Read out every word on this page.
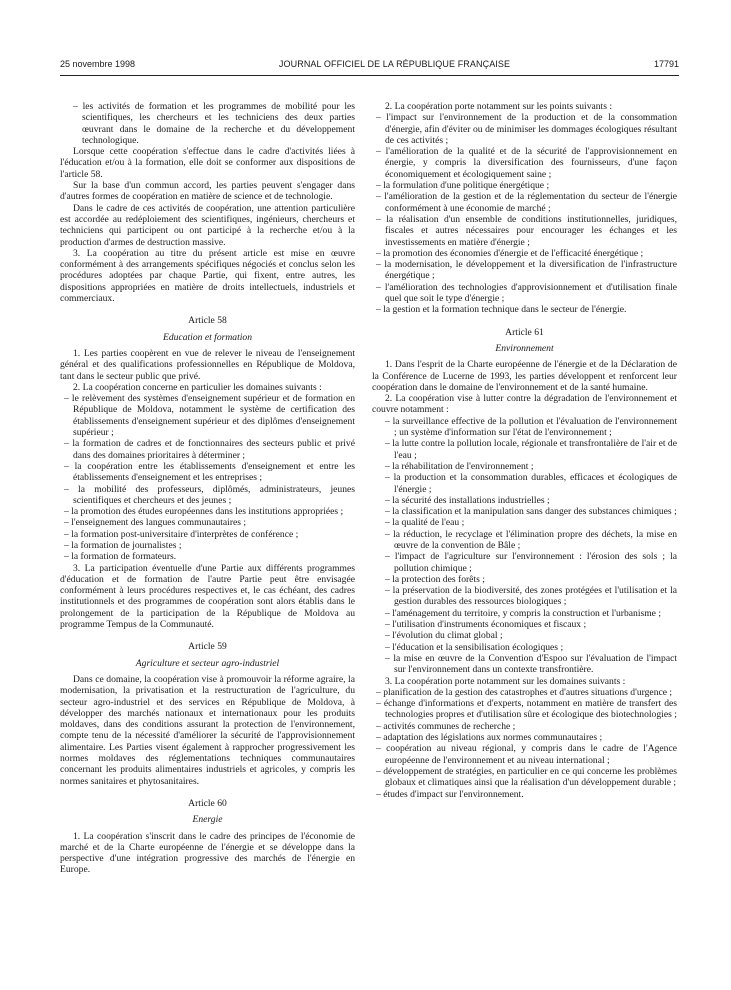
25 novembre 1998	JOURNAL OFFICIEL DE LA RÉPUBLIQUE FRANÇAISE	17791

– les activités de formation et les programmes de mobilité pour les scientifiques, les chercheurs et les techniciens des deux parties œuvrant dans le domaine de la recherche et du développement technologique.

Lorsque cette coopération s'effectue dans le cadre d'activités liées à l'éducation et/ou à la formation, elle doit se conformer aux dispositions de l'article 58.

Sur la base d'un commun accord, les parties peuvent s'engager dans d'autres formes de coopération en matière de science et de technologie.

Dans le cadre de ces activités de coopération, une attention particulière est accordée au redéploiement des scientifiques, ingénieurs, chercheurs et techniciens qui participent ou ont participé à la recherche et/ou à la production d'armes de destruction massive.

3. La coopération au titre du présent article est mise en œuvre conformément à des arrangements spécifiques négociés et conclus selon les procédures adoptées par chaque Partie, qui fixent, entre autres, les dispositions appropriées en matière de droits intellectuels, industriels et commerciaux.

Article 58

Education et formation

1. Les parties coopèrent en vue de relever le niveau de l'enseignement général et des qualifications professionnelles en République de Moldova, tant dans le secteur public que privé.

2. La coopération concerne en particulier les domaines suivants :

– le relèvement des systèmes d'enseignement supérieur et de formation en République de Moldova, notamment le système de certification des établissements d'enseignement supérieur et des diplômes d'enseignement supérieur ;

– la formation de cadres et de fonctionnaires des secteurs public et privé dans des domaines prioritaires à déterminer ;

– la coopération entre les établissements d'enseignement et entre les établissements d'enseignement et les entreprises ;

– la mobilité des professeurs, diplômés, administrateurs, jeunes scientifiques et chercheurs et des jeunes ;

– la promotion des études européennes dans les institutions appropriées ;

– l'enseignement des langues communautaires ;

– la formation post-universitaire d'interprètes de conférence ;

– la formation de journalistes ;

– la formation de formateurs.

3. La participation éventuelle d'une Partie aux différents programmes d'éducation et de formation de l'autre Partie peut être envisagée conformément à leurs procédures respectives et, le cas échéant, des cadres institutionnels et des programmes de coopération sont alors établis dans le prolongement de la participation de la République de Moldova au programme Tempus de la Communauté.

Article 59

Agriculture et secteur agro-industriel

Dans ce domaine, la coopération vise à promouvoir la réforme agraire, la modernisation, la privatisation et la restructuration de l'agriculture, du secteur agro-industriel et des services en République de Moldova, à développer des marchés nationaux et internationaux pour les produits moldaves, dans des conditions assurant la protection de l'environnement, compte tenu de la nécessité d'améliorer la sécurité de l'approvisionnement alimentaire. Les Parties visent également à rapprocher progressivement les normes moldaves des réglementations techniques communautaires concernant les produits alimentaires industriels et agricoles, y compris les normes sanitaires et phytosanitaires.

Article 60

Energie

1. La coopération s'inscrit dans le cadre des principes de l'économie de marché et de la Charte européenne de l'énergie et se développe dans la perspective d'une intégration progressive des marchés de l'énergie en Europe.

2. La coopération porte notamment sur les points suivants :

– l'impact sur l'environnement de la production et de la consommation d'énergie, afin d'éviter ou de minimiser les dommages écologiques résultant de ces activités ;

– l'amélioration de la qualité et de la sécurité de l'approvisionnement en énergie, y compris la diversification des fournisseurs, d'une façon économiquement et écologiquement saine ;

– la formulation d'une politique énergétique ;

– l'amélioration de la gestion et de la réglementation du secteur de l'énergie conformément à une économie de marché ;

– la réalisation d'un ensemble de conditions institutionnelles, juridiques, fiscales et autres nécessaires pour encourager les échanges et les investissements en matière d'énergie ;

– la promotion des économies d'énergie et de l'efficacité énergétique ;

– la modernisation, le développement et la diversification de l'infrastructure énergétique ;

– l'amélioration des technologies d'approvisionnement et d'utilisation finale quel que soit le type d'énergie ;

– la gestion et la formation technique dans le secteur de l'énergie.

Article 61

Environnement

1. Dans l'esprit de la Charte européenne de l'énergie et de la Déclaration de la Conférence de Lucerne de 1993, les parties développent et renforcent leur coopération dans le domaine de l'environnement et de la santé humaine.

2. La coopération vise à lutter contre la dégradation de l'environnement et couvre notamment :

– la surveillance effective de la pollution et l'évaluation de l'environnement ; un système d'information sur l'état de l'environnement ;

– la lutte contre la pollution locale, régionale et transfrontalière de l'air et de l'eau ;

– la réhabilitation de l'environnement ;

– la production et la consommation durables, efficaces et écologiques de l'énergie ;

– la sécurité des installations industrielles ;

– la classification et la manipulation sans danger des substances chimiques ;

– la qualité de l'eau ;

– la réduction, le recyclage et l'élimination propre des déchets, la mise en œuvre de la convention de Bâle ;

– l'impact de l'agriculture sur l'environnement : l'érosion des sols ; la pollution chimique ;

– la protection des forêts ;

– la préservation de la biodiversité, des zones protégées et l'utilisation et la gestion durables des ressources biologiques ;

– l'aménagement du territoire, y compris la construction et l'urbanisme ;

– l'utilisation d'instruments économiques et fiscaux ;

– l'évolution du climat global ;

– l'éducation et la sensibilisation écologiques ;

– la mise en œuvre de la Convention d'Espoo sur l'évaluation de l'impact sur l'environnement dans un contexte transfrontière.

3. La coopération porte notamment sur les domaines suivants :

– planification de la gestion des catastrophes et d'autres situations d'urgence ;

– échange d'informations et d'experts, notamment en matière de transfert des technologies propres et d'utilisation sûre et écologique des biotechnologies ;

– activités communes de recherche ;

– adaptation des législations aux normes communautaires ;

– coopération au niveau régional, y compris dans le cadre de l'Agence européenne de l'environnement et au niveau international ;

– développement de stratégies, en particulier en ce qui concerne les problèmes globaux et climatiques ainsi que la réalisation d'un développement durable ;

– études d'impact sur l'environnement.
